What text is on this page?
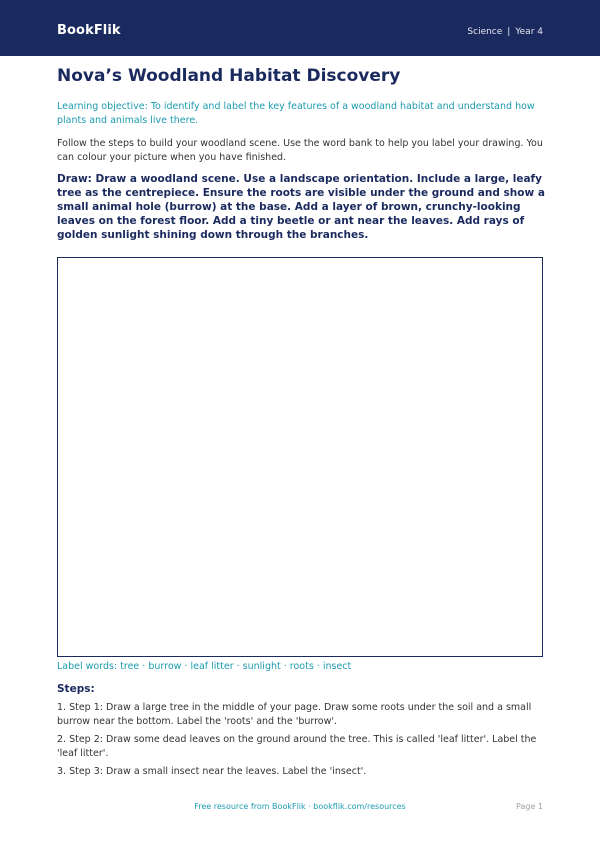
BookFlik	Science | Year 4
Nova’s Woodland Habitat Discovery

Learning objective: To identify and label the key features of a woodland habitat and understand how plants and animals live there.

Follow the steps to build your woodland scene. Use the word bank to help you label your drawing. You can colour your picture when you have finished.

Draw: Draw a woodland scene. Use a landscape orientation. Include a large, leafy tree as the centrepiece. Ensure the roots are visible under the ground and show a small animal hole (burrow) at the base. Add a layer of brown, crunchy-looking leaves on the forest floor. Add a tiny beetle or ant near the leaves. Add rays of golden sunlight shining down through the branches.

Label words: tree · burrow · leaf litter · sunlight · roots · insect
Steps:
1. Step 1: Draw a large tree in the middle of your page. Draw some roots under the soil and a small burrow near the bottom. Label the 'roots' and the 'burrow'.
2. Step 2: Draw some dead leaves on the ground around the tree. This is called 'leaf litter'. Label the 'leaf litter'.
3. Step 3: Draw a small insect near the leaves. Label the 'insect'.
Free resource from BookFlik · bookflik.com/resources	Page 1
